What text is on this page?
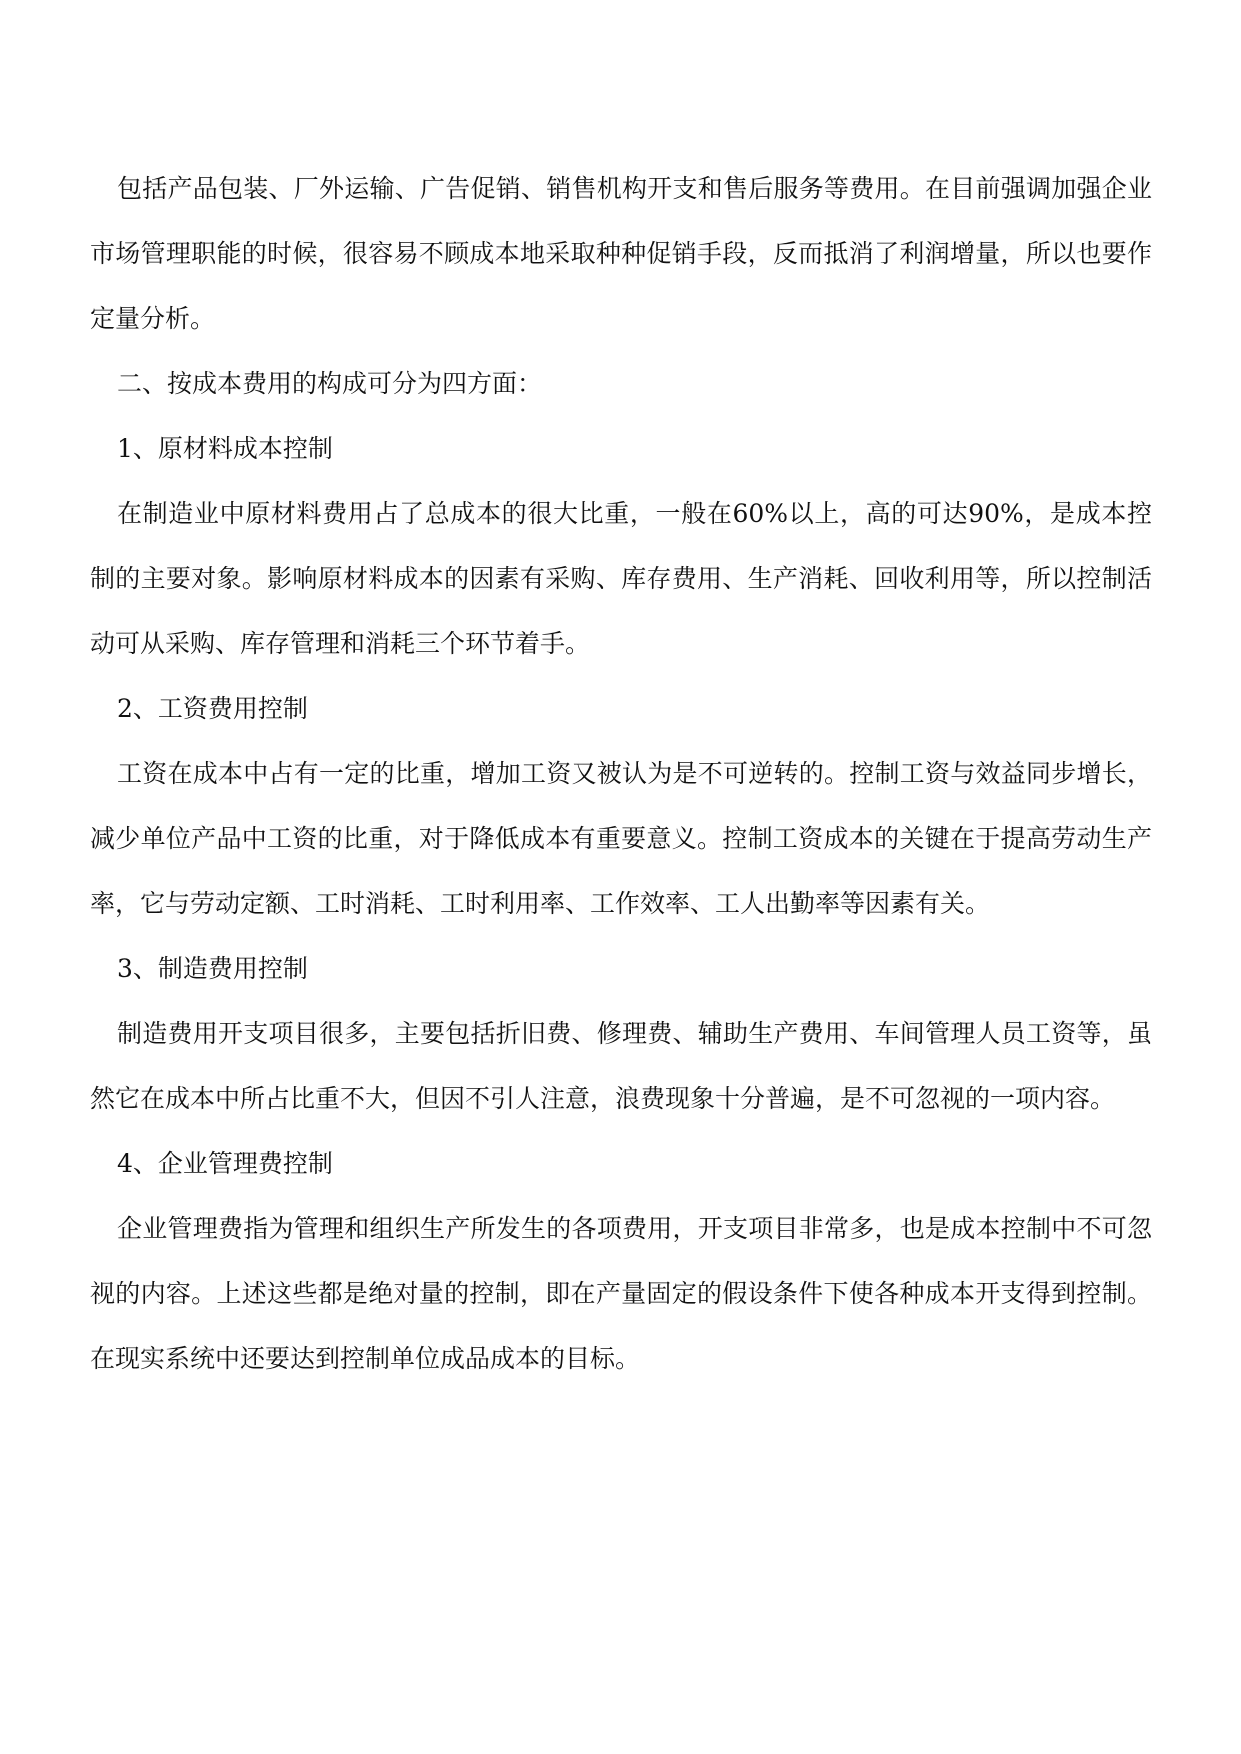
包括产品包装、厂外运输、广告促销、销售机构开支和售后服务等费用。在目前强调加强企业市场管理职能的时候，很容易不顾成本地采取种种促销手段，反而抵消了利润增量，所以也要作定量分析。

二、按成本费用的构成可分为四方面：

1、原材料成本控制

在制造业中原材料费用占了总成本的很大比重，一般在60%以上，高的可达90%，是成本控制的主要对象。影响原材料成本的因素有采购、库存费用、生产消耗、回收利用等，所以控制活动可从采购、库存管理和消耗三个环节着手。

2、工资费用控制

工资在成本中占有一定的比重，增加工资又被认为是不可逆转的。控制工资与效益同步增长，减少单位产品中工资的比重，对于降低成本有重要意义。控制工资成本的关键在于提高劳动生产率，它与劳动定额、工时消耗、工时利用率、工作效率、工人出勤率等因素有关。

3、制造费用控制

制造费用开支项目很多，主要包括折旧费、修理费、辅助生产费用、车间管理人员工资等，虽然它在成本中所占比重不大，但因不引人注意，浪费现象十分普遍，是不可忽视的一项内容。

4、企业管理费控制

企业管理费指为管理和组织生产所发生的各项费用，开支项目非常多，也是成本控制中不可忽视的内容。上述这些都是绝对量的控制，即在产量固定的假设条件下使各种成本开支得到控制。在现实系统中还要达到控制单位成品成本的目标。
